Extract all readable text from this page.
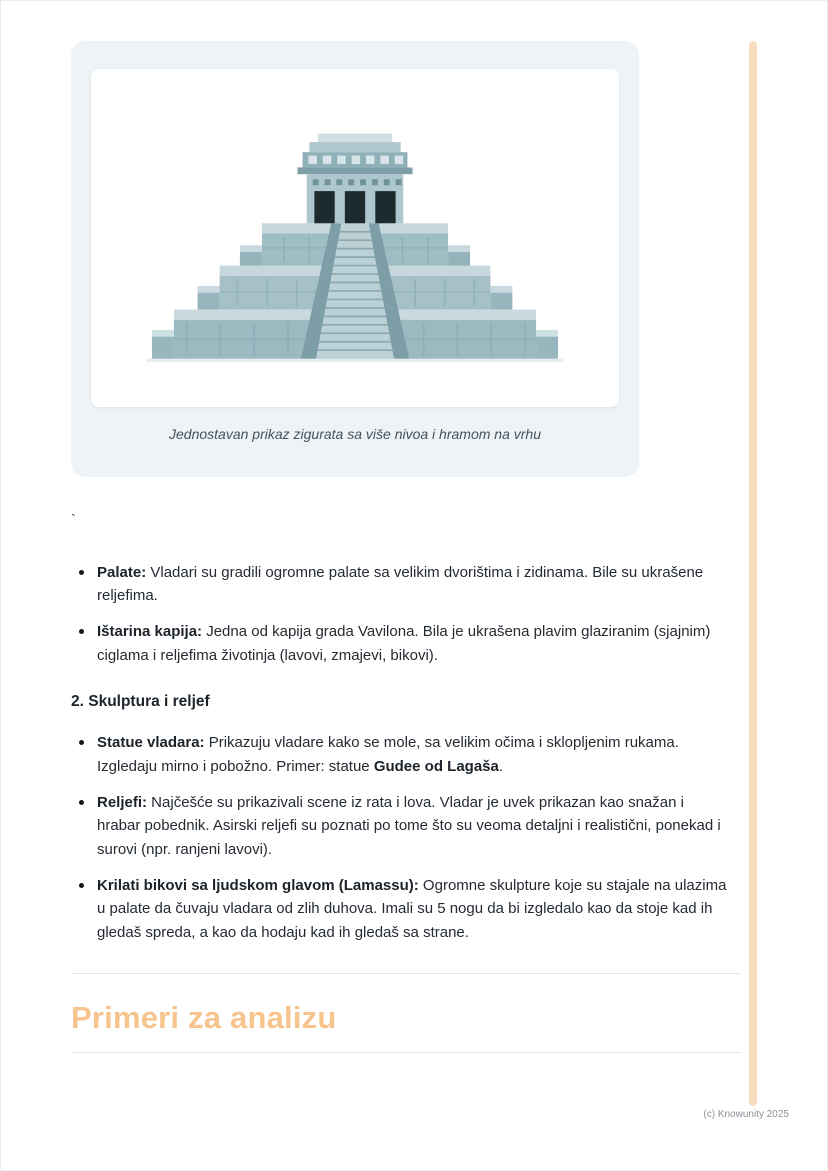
Jednostavan prikaz zigurata sa više nivoa i hramom na vrhu
`
Palate: Vladari su gradili ogromne palate sa velikim dvorištima i zidinama. Bile su ukrašene reljefima.
Ištarina kapija: Jedna od kapija grada Vavilona. Bila je ukrašena plavim glaziranim (sjajnim) ciglama i reljefima životinja (lavovi, zmajevi, bikovi).
2. Skulptura i reljef
Statue vladara: Prikazuju vladare kako se mole, sa velikim očima i sklopljenim rukama. Izgledaju mirno i pobožno. Primer: statue Gudee od Lagaša.
Reljefi: Najčešće su prikazivali scene iz rata i lova. Vladar je uvek prikazan kao snažan i hrabar pobednik. Asirski reljefi su poznati po tome što su veoma detaljni i realistični, ponekad i surovi (npr. ranjeni lavovi).
Krilati bikovi sa ljudskom glavom (Lamassu): Ogromne skulpture koje su stajale na ulazima u palate da čuvaju vladara od zlih duhova. Imali su 5 nogu da bi izgledalo kao da stoje kad ih gledaš spreda, a kao da hodaju kad ih gledaš sa strane.
Primeri za analizu
(c) Knowunity 2025
